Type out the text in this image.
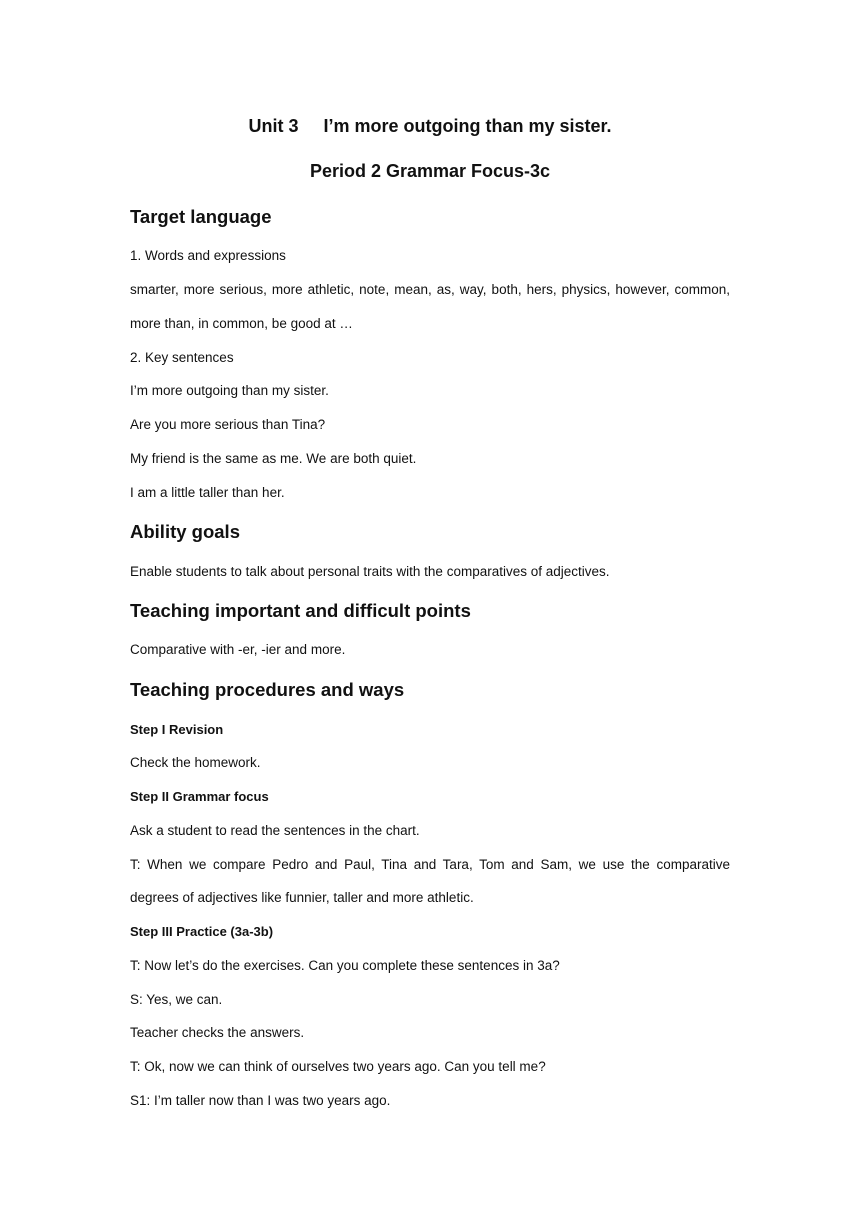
Unit 3     I’m more outgoing than my sister.
Period 2 Grammar Focus-3c
Target language
1. Words and expressions
smarter, more serious, more athletic, note, mean, as, way, both, hers, physics, however, common,
more than, in common, be good at …
2. Key sentences
I’m more outgoing than my sister.
Are you more serious than Tina?
My friend is the same as me. We are both quiet.
I am a little taller than her.
Ability goals
Enable students to talk about personal traits with the comparatives of adjectives.
Teaching important and difficult points
Comparative with -er, -ier and more.
Teaching procedures and ways
Step I Revision
Check the homework.
Step II Grammar focus
Ask a student to read the sentences in the chart.
T: When we compare Pedro and Paul, Tina and Tara, Tom and Sam, we use the comparative
degrees of adjectives like funnier, taller and more athletic.
Step III Practice (3a-3b)
T: Now let’s do the exercises. Can you complete these sentences in 3a?
S: Yes, we can.
Teacher checks the answers.
T: Ok, now we can think of ourselves two years ago. Can you tell me?
S1: I’m taller now than I was two years ago.
